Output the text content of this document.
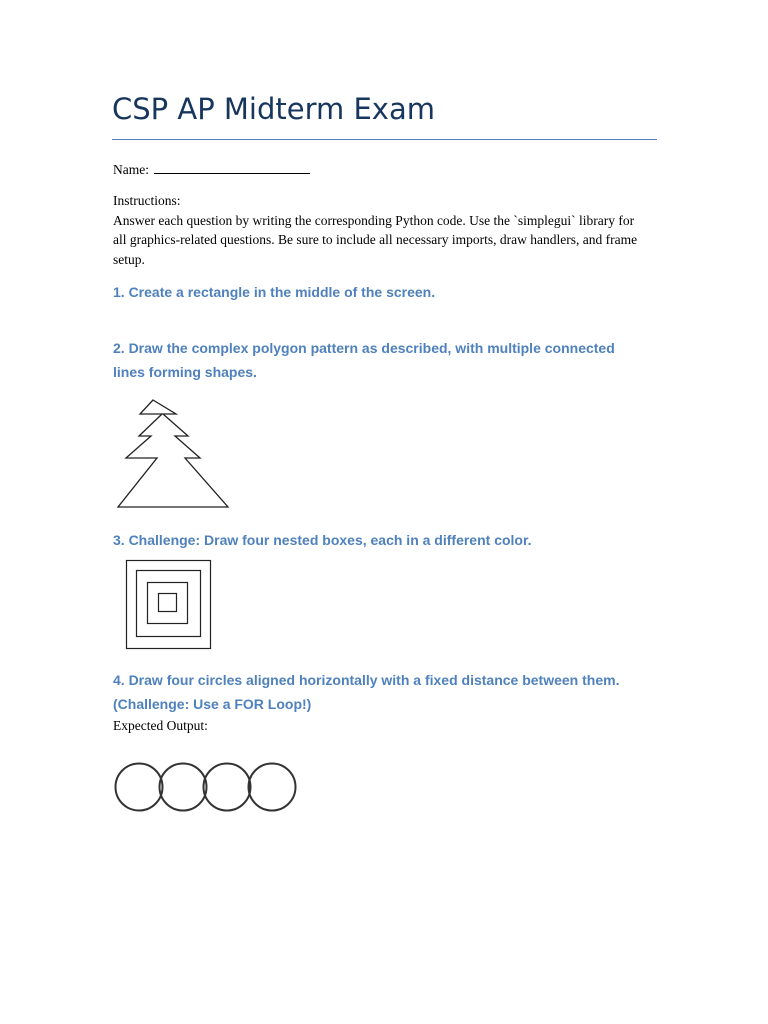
CSP AP Midterm Exam
Name:
Instructions:
Answer each question by writing the corresponding Python code. Use the `simplegui` library for all graphics-related questions. Be sure to include all necessary imports, draw handlers, and frame setup.
1. Create a rectangle in the middle of the screen.
2. Draw the complex polygon pattern as described, with multiple connected lines forming shapes.
3. Challenge: Draw four nested boxes, each in a different color.
4. Draw four circles aligned horizontally with a fixed distance between them. (Challenge: Use a FOR Loop!)
Expected Output:
